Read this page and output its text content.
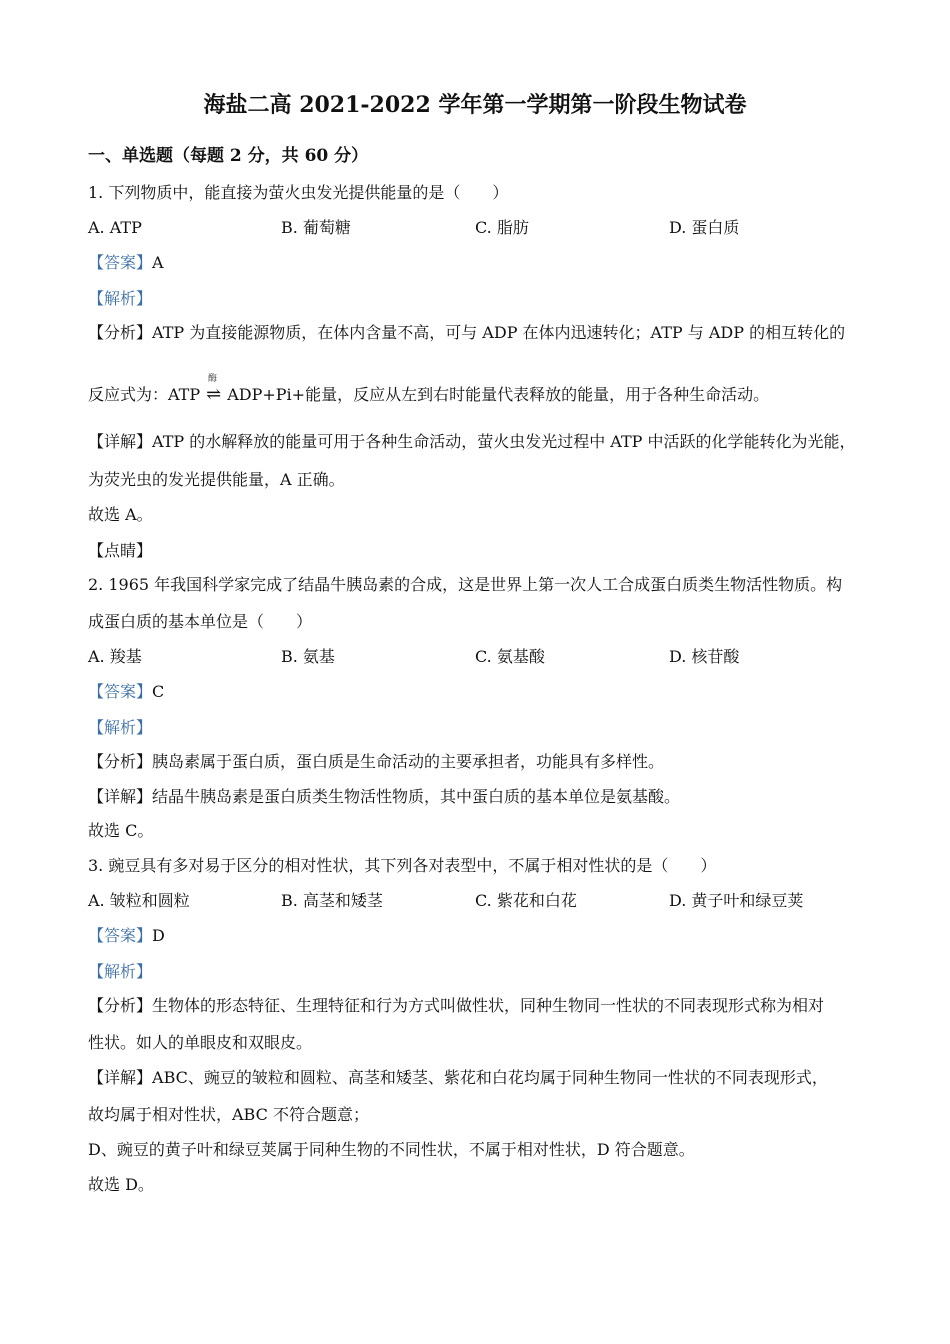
海盐二高 2021-2022 学年第一学期第一阶段生物试卷
一、单选题（每题 2 分，共 60 分）
1. 下列物质中，能直接为萤火虫发光提供能量的是（　　）
A. ATP	B. 葡萄糖	C. 脂肪	D. 蛋白质
【答案】A
【解析】
【分析】ATP 为直接能源物质，在体内含量不高，可与 ADP 在体内迅速转化；ATP 与 ADP 的相互转化的
酶
反应式为：ATP ⇌ ADP+Pi+能量，反应从左到右时能量代表释放的能量，用于各种生命活动。
【详解】ATP 的水解释放的能量可用于各种生命活动，萤火虫发光过程中 ATP 中活跃的化学能转化为光能，
为荧光虫的发光提供能量，A 正确。
故选 A。
【点睛】
2. 1965 年我国科学家完成了结晶牛胰岛素的合成，这是世界上第一次人工合成蛋白质类生物活性物质。构
成蛋白质的基本单位是（　　）
A. 羧基	B. 氨基	C. 氨基酸	D. 核苷酸
【答案】C
【解析】
【分析】胰岛素属于蛋白质，蛋白质是生命活动的主要承担者，功能具有多样性。
【详解】结晶牛胰岛素是蛋白质类生物活性物质，其中蛋白质的基本单位是氨基酸。
故选 C。
3. 豌豆具有多对易于区分的相对性状，其下列各对表型中，不属于相对性状的是（　　）
A. 皱粒和圆粒	B. 高茎和矮茎	C. 紫花和白花	D. 黄子叶和绿豆荚
【答案】D
【解析】
【分析】生物体的形态特征、生理特征和行为方式叫做性状，同种生物同一性状的不同表现形式称为相对
性状。如人的单眼皮和双眼皮。
【详解】ABC、豌豆的皱粒和圆粒、高茎和矮茎、紫花和白花均属于同种生物同一性状的不同表现形式，
故均属于相对性状，ABC 不符合题意；
D、豌豆的黄子叶和绿豆荚属于同种生物的不同性状，不属于相对性状，D 符合题意。
故选 D。
